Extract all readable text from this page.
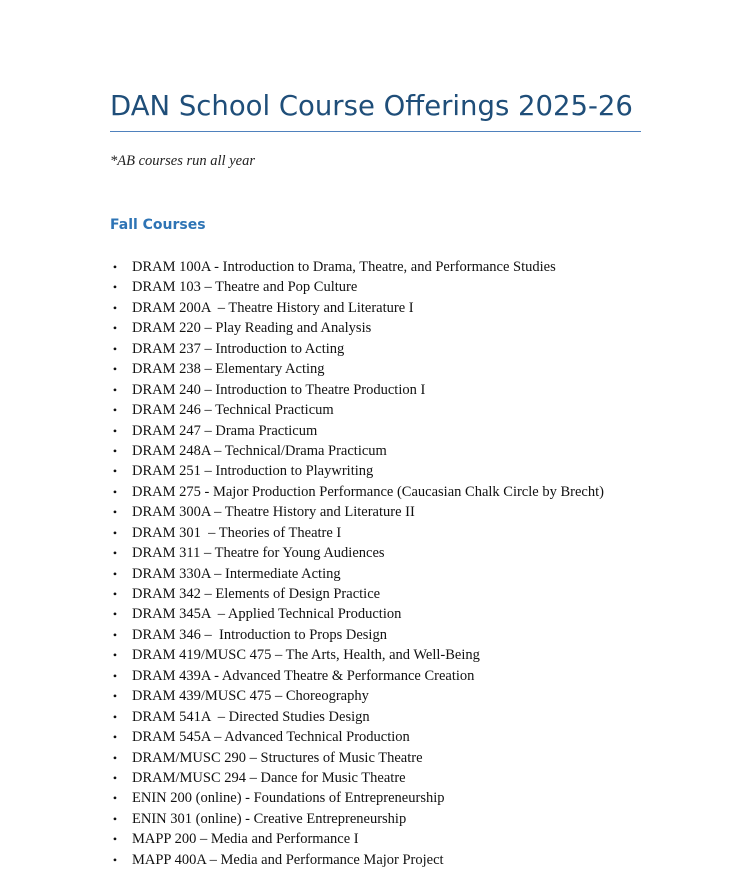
DAN School Course Offerings 2025-26

*AB courses run all year

Fall Courses
• DRAM 100A - Introduction to Drama, Theatre, and Performance Studies
• DRAM 103 – Theatre and Pop Culture
• DRAM 200A  – Theatre History and Literature I
• DRAM 220 – Play Reading and Analysis
• DRAM 237 – Introduction to Acting
• DRAM 238 – Elementary Acting
• DRAM 240 – Introduction to Theatre Production I
• DRAM 246 – Technical Practicum
• DRAM 247 – Drama Practicum
• DRAM 248A – Technical/Drama Practicum
• DRAM 251 – Introduction to Playwriting
• DRAM 275 - Major Production Performance (Caucasian Chalk Circle by Brecht)
• DRAM 300A – Theatre History and Literature II
• DRAM 301  – Theories of Theatre I
• DRAM 311 – Theatre for Young Audiences
• DRAM 330A – Intermediate Acting
• DRAM 342 – Elements of Design Practice
• DRAM 345A  – Applied Technical Production
• DRAM 346 –  Introduction to Props Design
• DRAM 419/MUSC 475 – The Arts, Health, and Well-Being
• DRAM 439A - Advanced Theatre & Performance Creation
• DRAM 439/MUSC 475 – Choreography
• DRAM 541A  – Directed Studies Design
• DRAM 545A – Advanced Technical Production
• DRAM/MUSC 290 – Structures of Music Theatre
• DRAM/MUSC 294 – Dance for Music Theatre
• ENIN 200 (online) - Foundations of Entrepreneurship
• ENIN 301 (online) - Creative Entrepreneurship
• MAPP 200 – Media and Performance I
• MAPP 400A – Media and Performance Major Project
